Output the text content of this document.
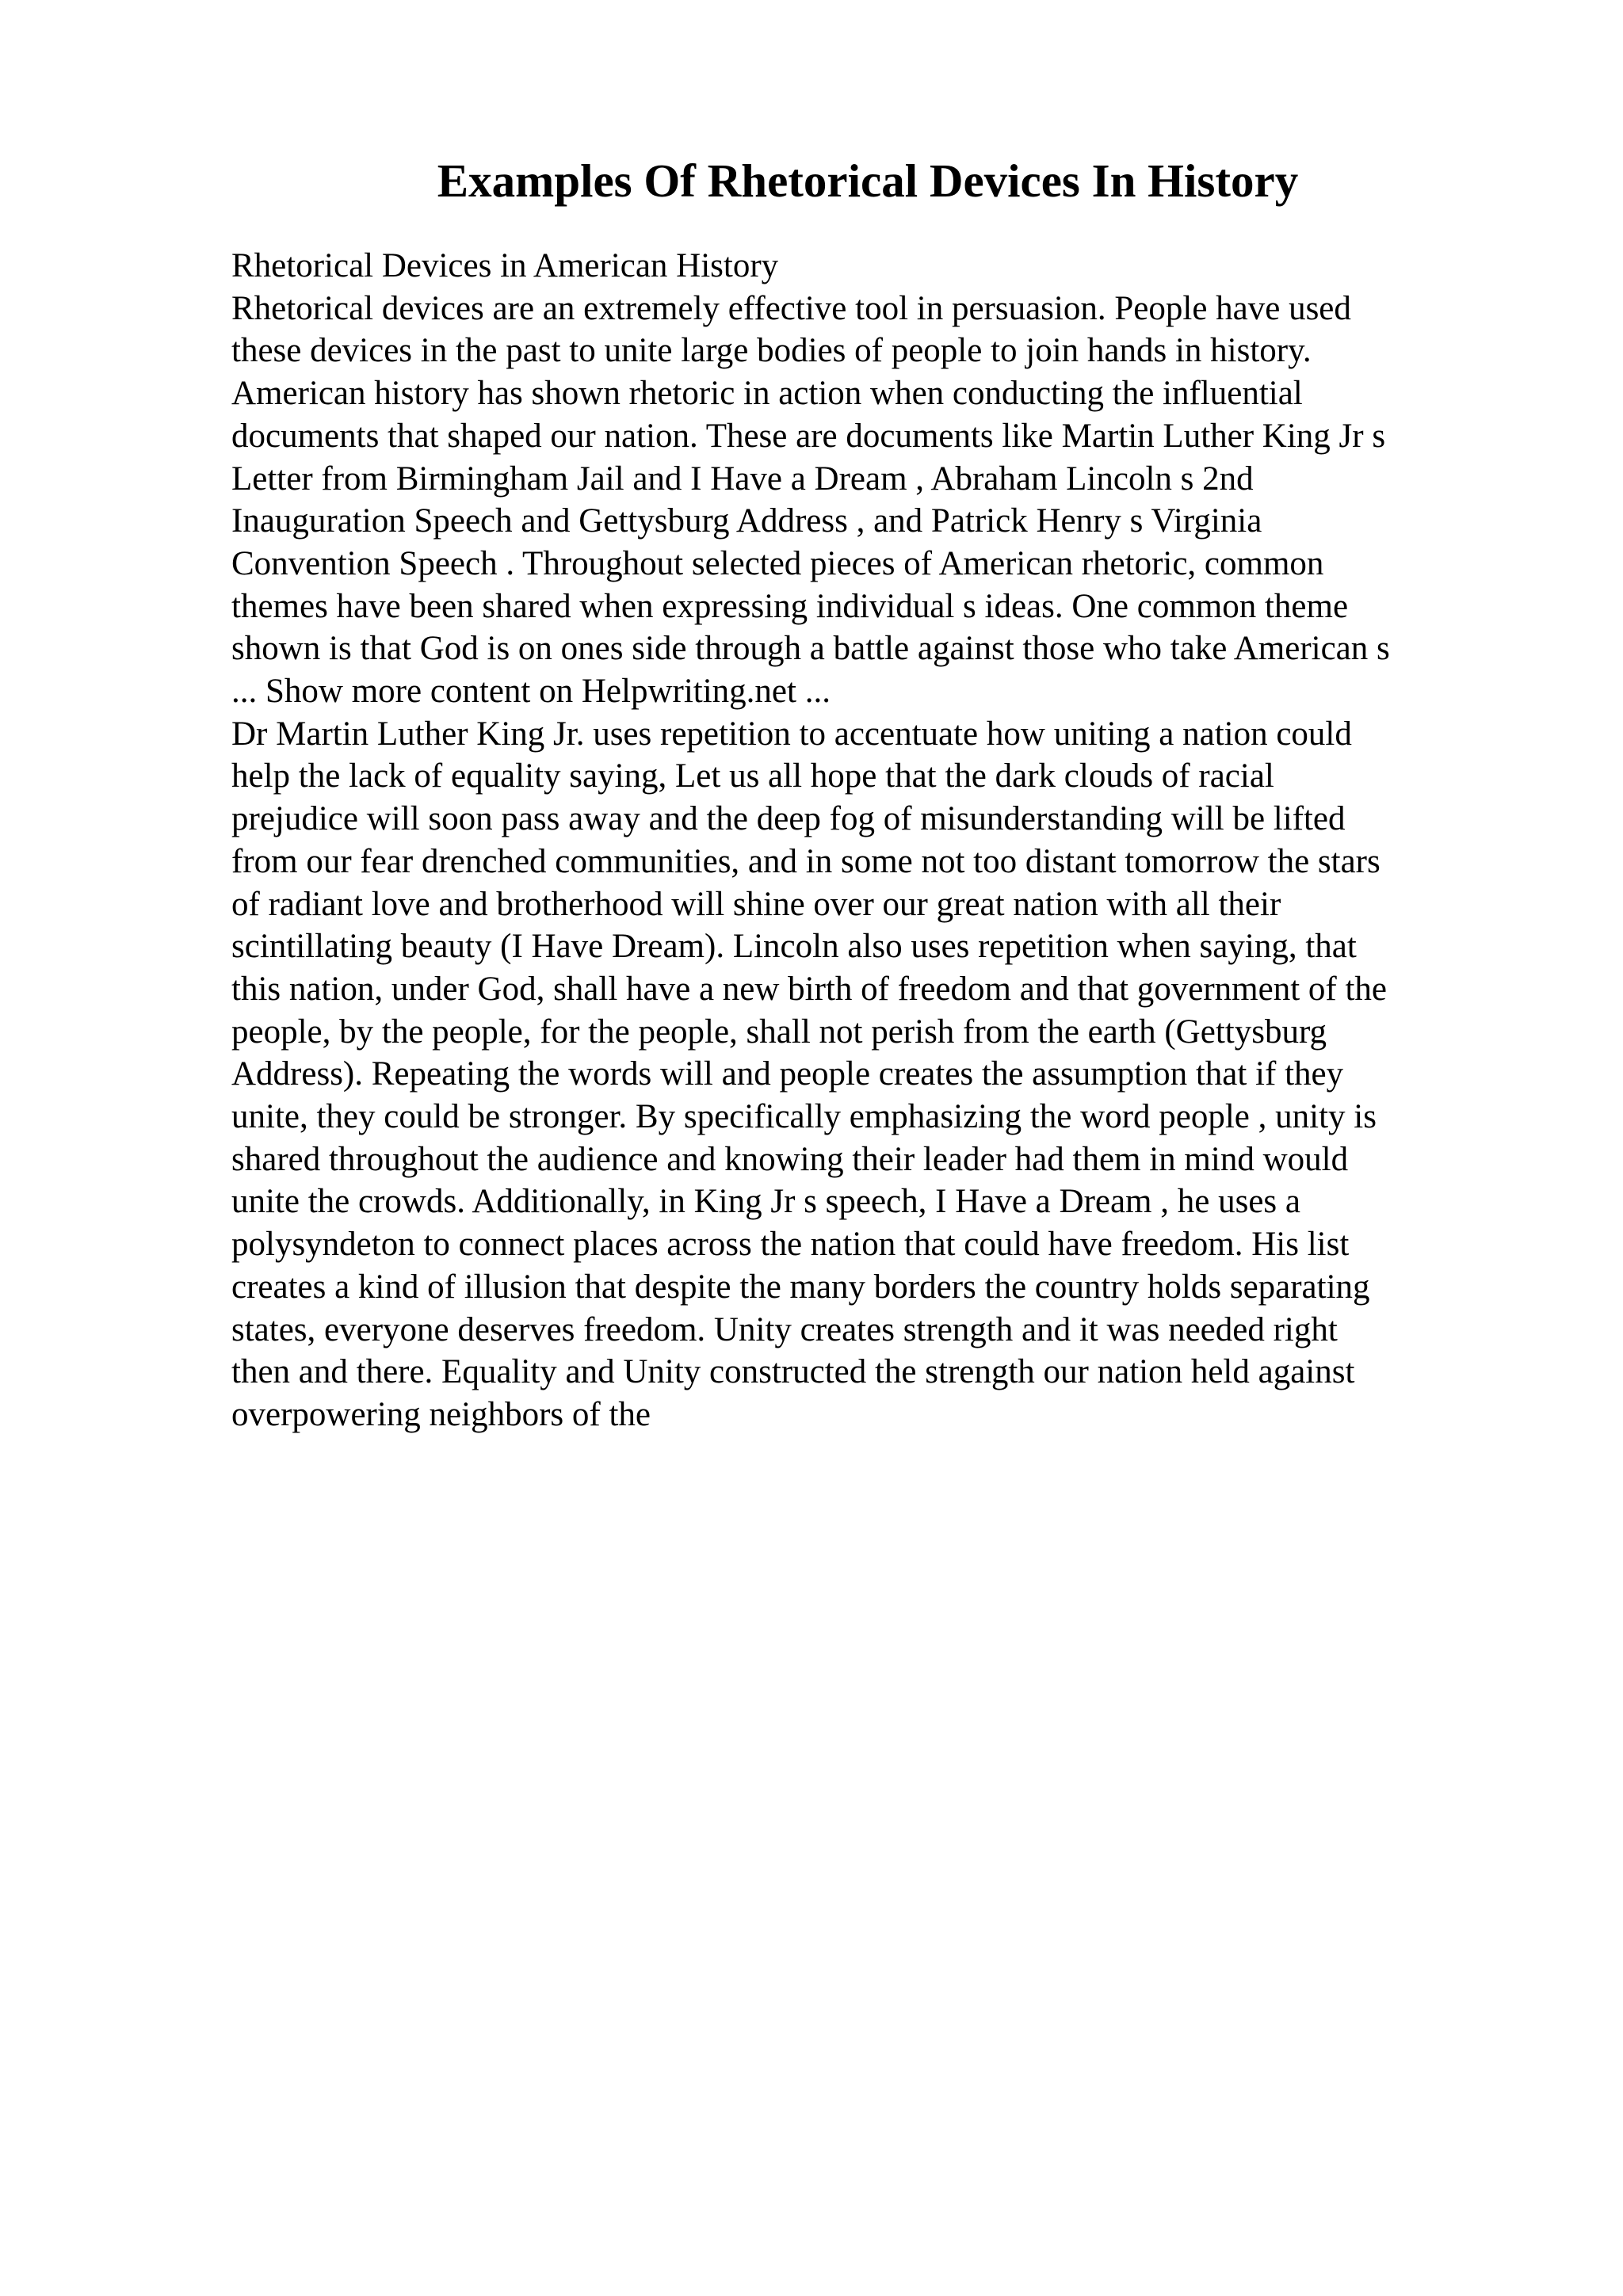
Examples Of Rhetorical Devices In History
Rhetorical Devices in American History
Rhetorical devices are an extremely effective tool in persuasion. People have used
these devices in the past to unite large bodies of people to join hands in history.
American history has shown rhetoric in action when conducting the influential
documents that shaped our nation. These are documents like Martin Luther King Jr s
Letter from Birmingham Jail and I Have a Dream , Abraham Lincoln s 2nd
Inauguration Speech and Gettysburg Address , and Patrick Henry s Virginia
Convention Speech . Throughout selected pieces of American rhetoric, common
themes have been shared when expressing individual s ideas. One common theme
shown is that God is on ones side through a battle against those who take American s
... Show more content on Helpwriting.net ...
Dr Martin Luther King Jr. uses repetition to accentuate how uniting a nation could
help the lack of equality saying, Let us all hope that the dark clouds of racial
prejudice will soon pass away and the deep fog of misunderstanding will be lifted
from our fear drenched communities, and in some not too distant tomorrow the stars
of radiant love and brotherhood will shine over our great nation with all their
scintillating beauty (I Have Dream). Lincoln also uses repetition when saying, that
this nation, under God, shall have a new birth of freedom and that government of the
people, by the people, for the people, shall not perish from the earth (Gettysburg
Address). Repeating the words will and people creates the assumption that if they
unite, they could be stronger. By specifically emphasizing the word people , unity is
shared throughout the audience and knowing their leader had them in mind would
unite the crowds. Additionally, in King Jr s speech, I Have a Dream , he uses a
polysyndeton to connect places across the nation that could have freedom. His list
creates a kind of illusion that despite the many borders the country holds separating
states, everyone deserves freedom. Unity creates strength and it was needed right
then and there. Equality and Unity constructed the strength our nation held against
overpowering neighbors of the
